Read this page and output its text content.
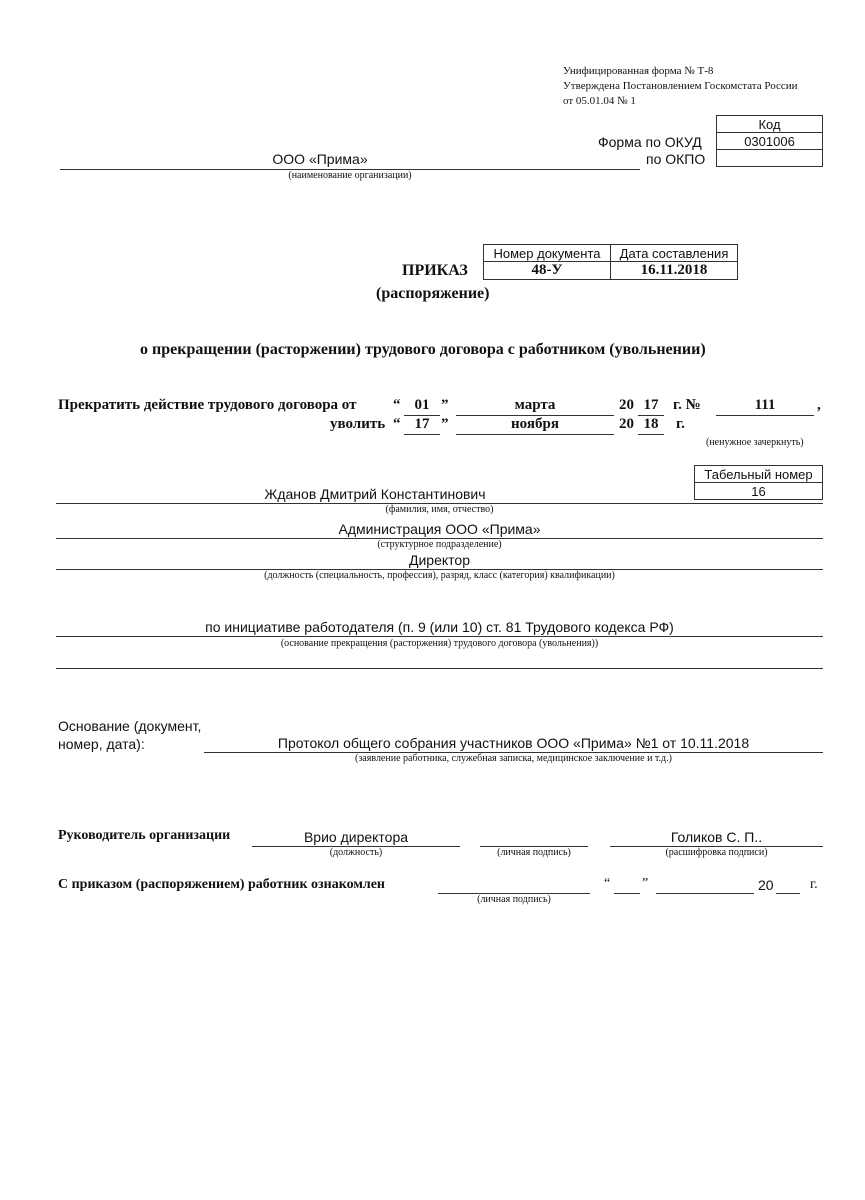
Унифицированная форма № Т-8
Утверждена Постановлением Госкомстата России
от 05.01.04 № 1
Форма по ОКУД
по ОКПО
Код
0301006

ООО «Прима»
(наименование организации)
Номер документа	Дата составления
48-У	16.11.2018
ПРИКАЗ
(распоряжение)
о прекращении (расторжении) трудового договора с работником (увольнении)
Прекратить действие трудового договора от “ 01 ”	марта	20 17 г. №	111	,
уволить “ 17 ”	ноября	20 18	г.
(ненужное зачеркнуть)
Табельный номер
16
Жданов Дмитрий Константинович
(фамилия, имя, отчество)
Администрация ООО «Прима»
(структурное подразделение)
Директор
(должность (специальность, профессия), разряд, класс (категория) квалификации)
по инициативе работодателя (п. 9 (или 10) ст. 81 Трудового кодекса РФ)
(основание прекращения (расторжения) трудового договора (увольнения))
Основание (документ,
номер, дата):	Протокол общего собрания участников ООО «Прима» №1 от 10.11.2018
(заявление работника, служебная записка, медицинское заключение и т.д.)
Руководитель организации	Врио директора
(должность)	(личная подпись)
Голиков С. П..
(расшифровка подписи)
С приказом (распоряжением) работник ознакомлен
(личная подпись)
“ ”	20	г.
